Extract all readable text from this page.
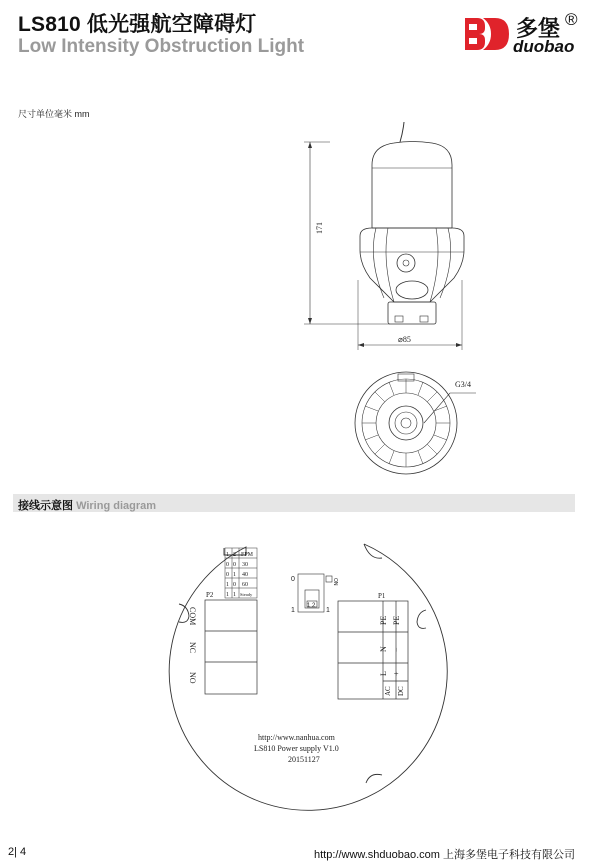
LS810 低光强航空障碍灯
Low Intensity Obstruction Light
多堡 ®
duobao
尺寸单位毫米 mm
171
⌀85
G3/4
1 2 FPM
0 0 30
0 1 40
1 0 60
1 1 Steady
P2	P1
COM
NC
NO
PE PE
N −
L +
AC DC
0
1	1
1 2
ON
http://www.nanhua.com
LS810 Power supply V1.0
20151127
接线示意图 Wiring diagram
2| 4	http://www.shduobao.com 上海多堡电子科技有限公司
